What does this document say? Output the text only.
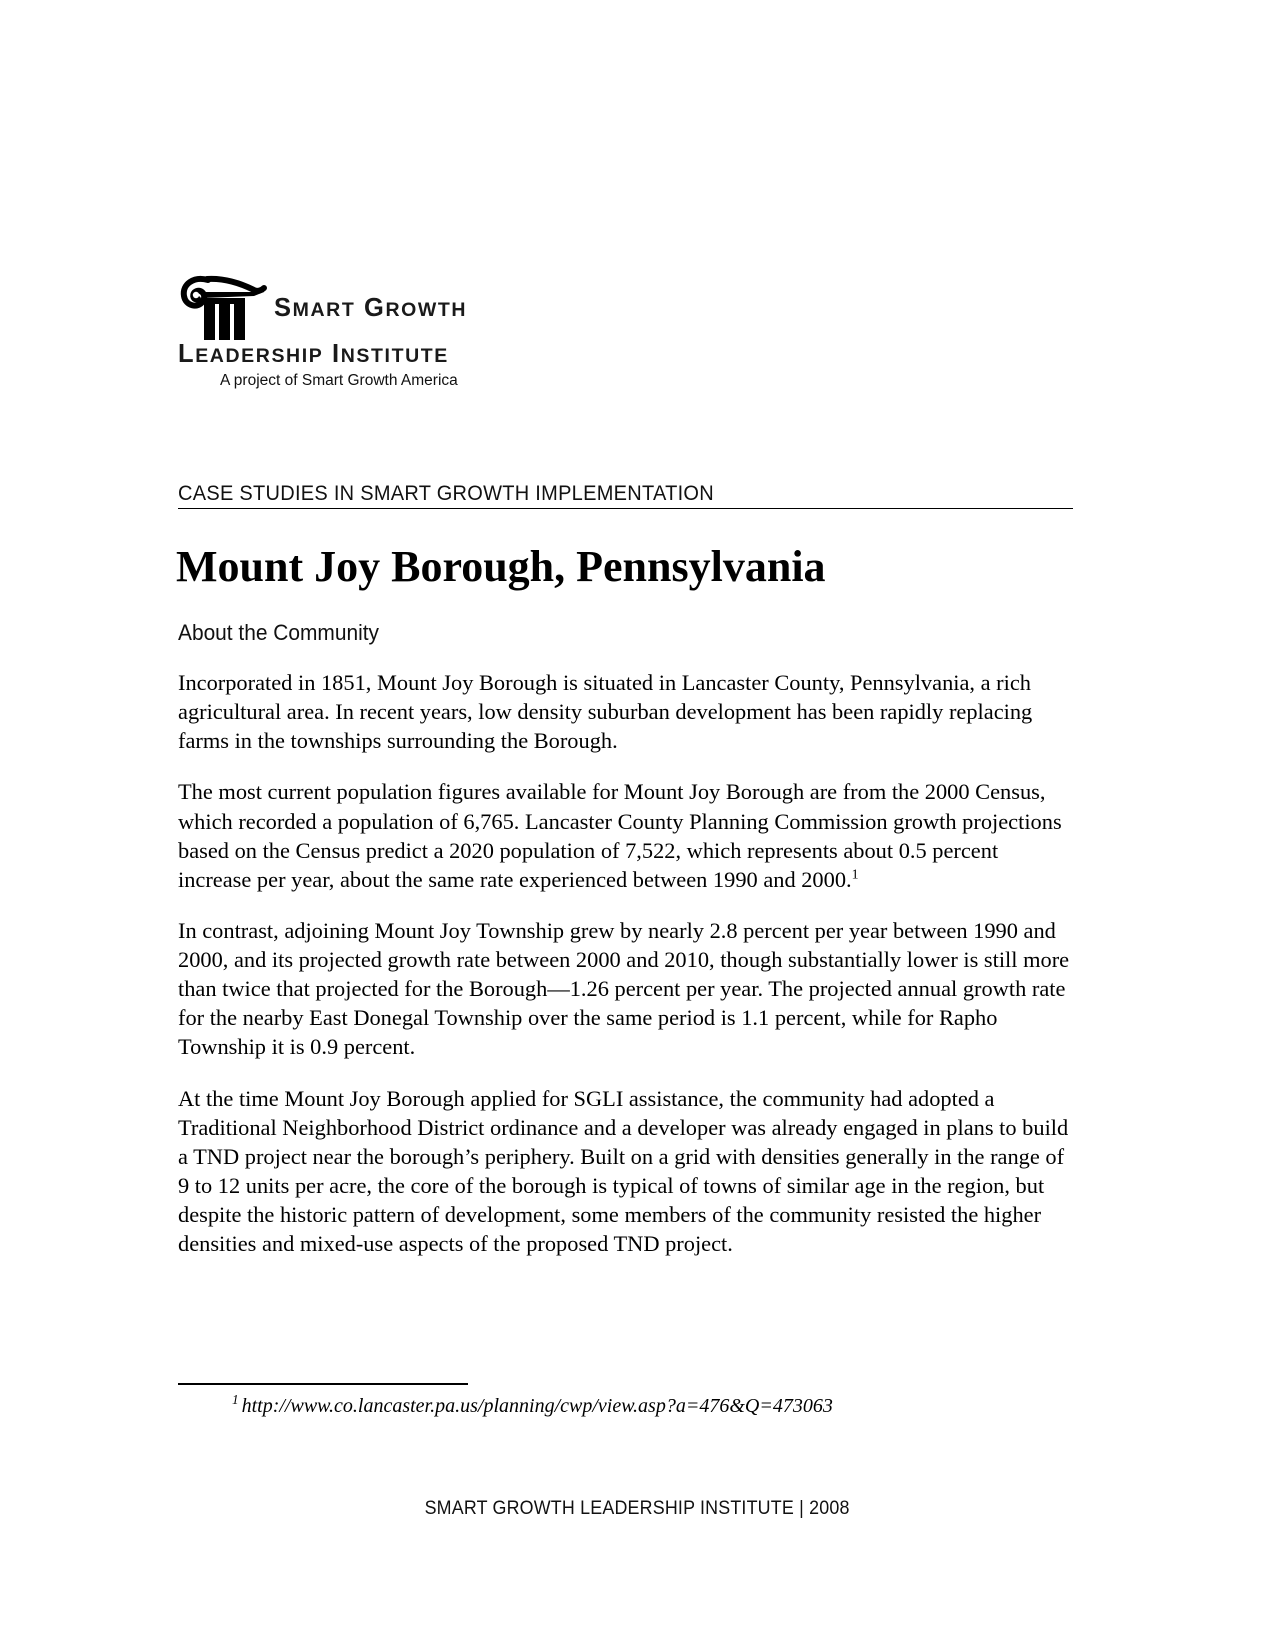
SMART GROWTH
LEADERSHIP INSTITUTE
A project of Smart Growth America
CASE STUDIES IN SMART GROWTH IMPLEMENTATION
Mount Joy Borough, Pennsylvania
About the Community

Incorporated in 1851, Mount Joy Borough is situated in Lancaster County, Pennsylvania, a rich agricultural area. In recent years, low density suburban development has been rapidly replacing farms in the townships surrounding the Borough.

The most current population figures available for Mount Joy Borough are from the 2000 Census, which recorded a population of 6,765. Lancaster County Planning Commission growth projections based on the Census predict a 2020 population of 7,522, which represents about 0.5 percent increase per year, about the same rate experienced between 1990 and 2000.$^1$

In contrast, adjoining Mount Joy Township grew by nearly 2.8 percent per year between 1990 and 2000, and its projected growth rate between 2000 and 2010, though substantially lower is still more than twice that projected for the Borough—1.26 percent per year. The projected annual growth rate for the nearby East Donegal Township over the same period is 1.1 percent, while for Rapho Township it is 0.9 percent.

At the time Mount Joy Borough applied for SGLI assistance, the community had adopted a Traditional Neighborhood District ordinance and a developer was already engaged in plans to build a TND project near the borough’s periphery. Built on a grid with densities generally in the range of 9 to 12 units per acre, the core of the borough is typical of towns of similar age in the region, but despite the historic pattern of development, some members of the community resisted the higher densities and mixed-use aspects of the proposed TND project.

$^1$ http://www.co.lancaster.pa.us/planning/cwp/view.asp?a=476&Q=473063
SMART GROWTH LEADERSHIP INSTITUTE | 2008
